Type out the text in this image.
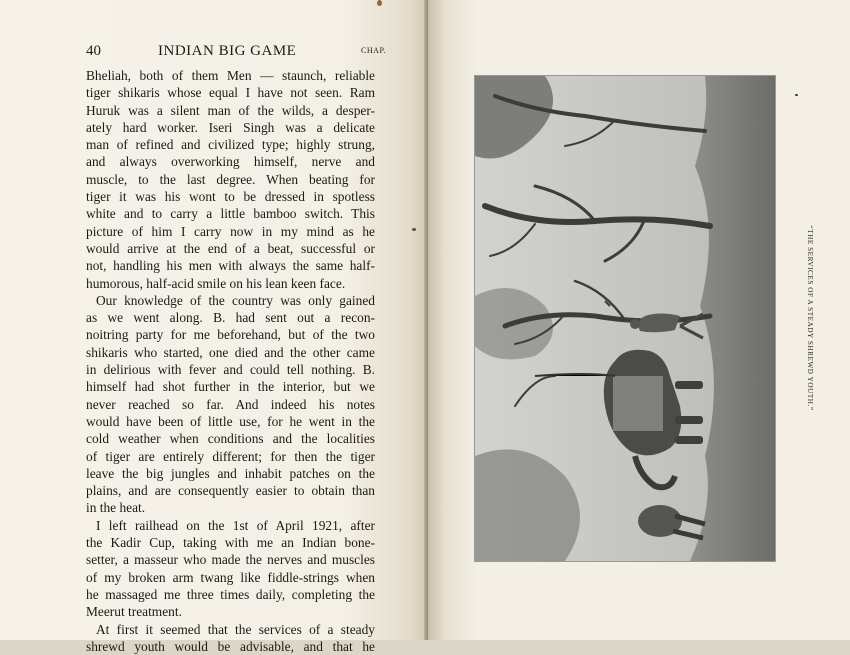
40	INDIAN BIG GAME	CHAP.
Bheliah, both of them Men — staunch, reliable
tiger shikaris whose equal I have not seen. Ram
Huruk was a silent man of the wilds, a desper-
ately hard worker. Iseri Singh was a delicate
man of refined and civilized type; highly strung,
and always overworking himself, nerve and
muscle, to the last degree. When beating for
tiger it was his wont to be dressed in spotless
white and to carry a little bamboo switch. This
picture of him I carry now in my mind as he
would arrive at the end of a beat, successful or
not, handling his men with always the same half-
humorous, half-acid smile on his lean keen face.
Our knowledge of the country was only gained
as we went along. B. had sent out a recon-
noitring party for me beforehand, but of the two
shikaris who started, one died and the other came
in delirious with fever and could tell nothing. B.
himself had shot further in the interior, but we
never reached so far. And indeed his notes
would have been of little use, for he went in the
cold weather when conditions and the localities
of tiger are entirely different; for then the tiger
leave the big jungles and inhabit patches on the
plains, and are consequently easier to obtain than
in the heat.
I left railhead on the 1st of April 1921, after
the Kadir Cup, taking with me an Indian bone-
setter, a masseur who made the nerves and muscles
of my broken arm twang like fiddle-strings when
he massaged me three times daily, completing the
Meerut treatment.
At first it seemed that the services of a steady
shrewd youth would be advisable, and that he
“THE SERVICES OF A STEADY SHREWD YOUTH.”
